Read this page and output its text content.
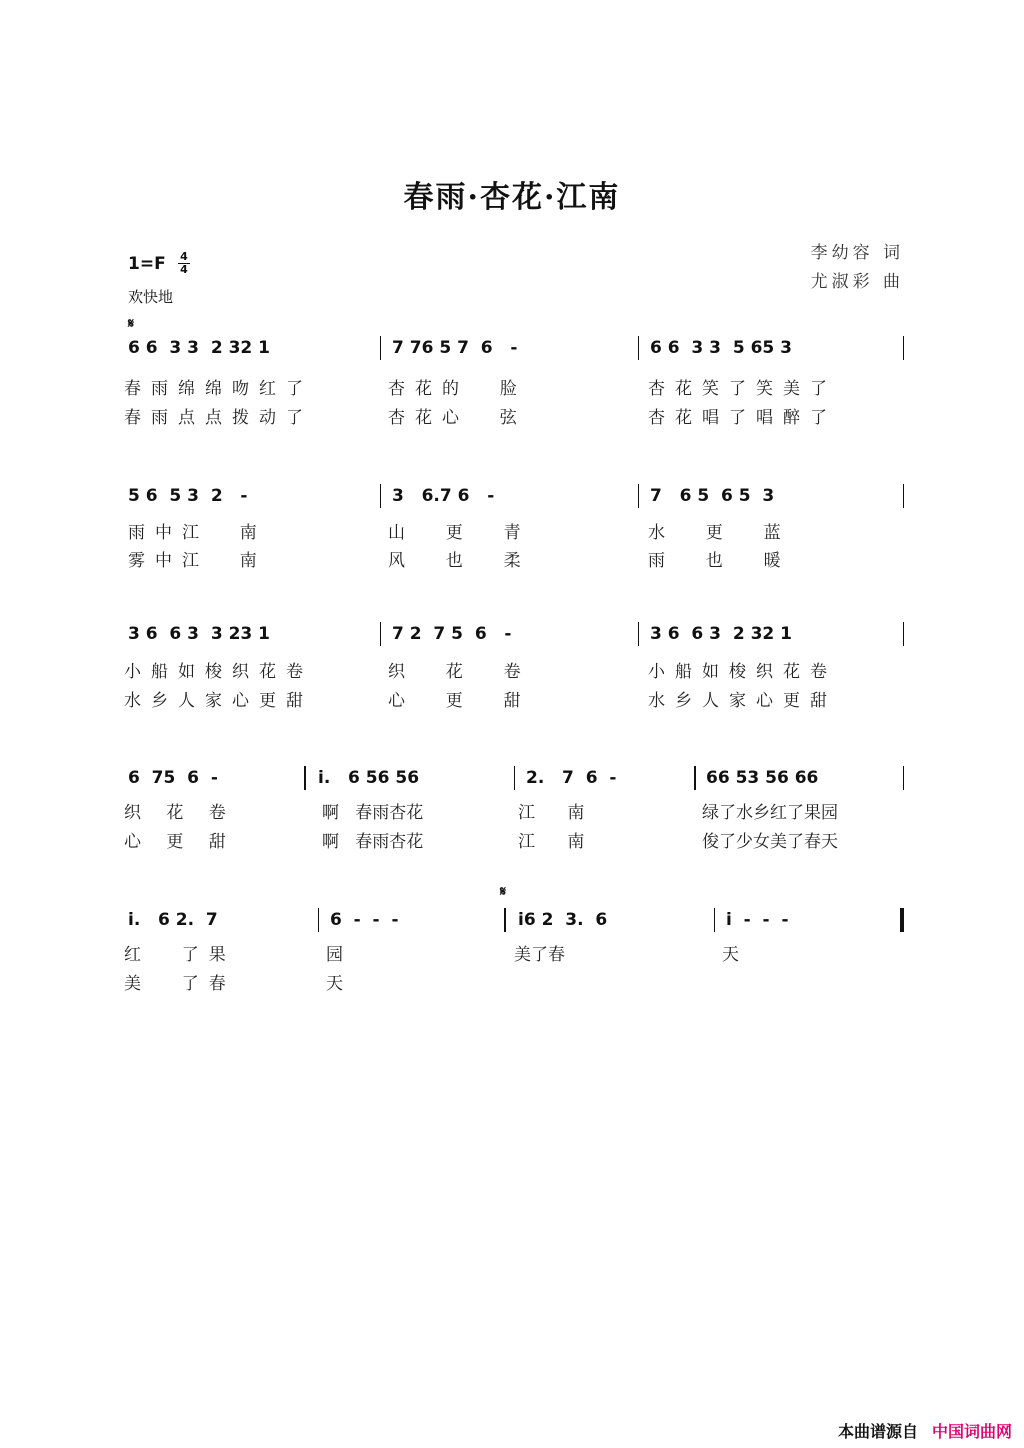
春雨·杏花·江南
李幼容 词
尤淑彩 曲
1=F 4
4
欢快地
𝄋
6 6  3 3  2 32 1	7 76 5 7  6   -	6 6  3 3  5 65 3
春雨绵绵吻红了	杏花的  脸	杏花笑了笑美了
春雨点点拨动了	杏花心  弦	杏花唱了唱醉了
5 6  5 3  2   -	3   6.7 6   -	7   6 5  6 5  3
雨中江  南	山  更  青	水  更  蓝
雾中江  南	风  也  柔	雨  也  暖
3 6  6 3  3 23 1	7 2  7 5  6   -	3 6  6 3  2 32 1
小船如梭织花卷	织  花  卷	小船如梭织花卷
水乡人家心更甜	心  更  甜	水乡人家心更甜
6  75  6  -	i.   6 56 56	2.   7  6  -	66 53 56 66
织 花 卷	啊   春雨杏花	江      南	绿了水乡红了果园
心 更 甜	啊   春雨杏花	江      南	俊了少女美了春天
𝄋
i.   6 2.  7	6  -  -  -	i6 2  3.  6	i  -  -  -
红  了果	园	美了春	天
美  了春	天
本曲谱源自 中国词曲网
